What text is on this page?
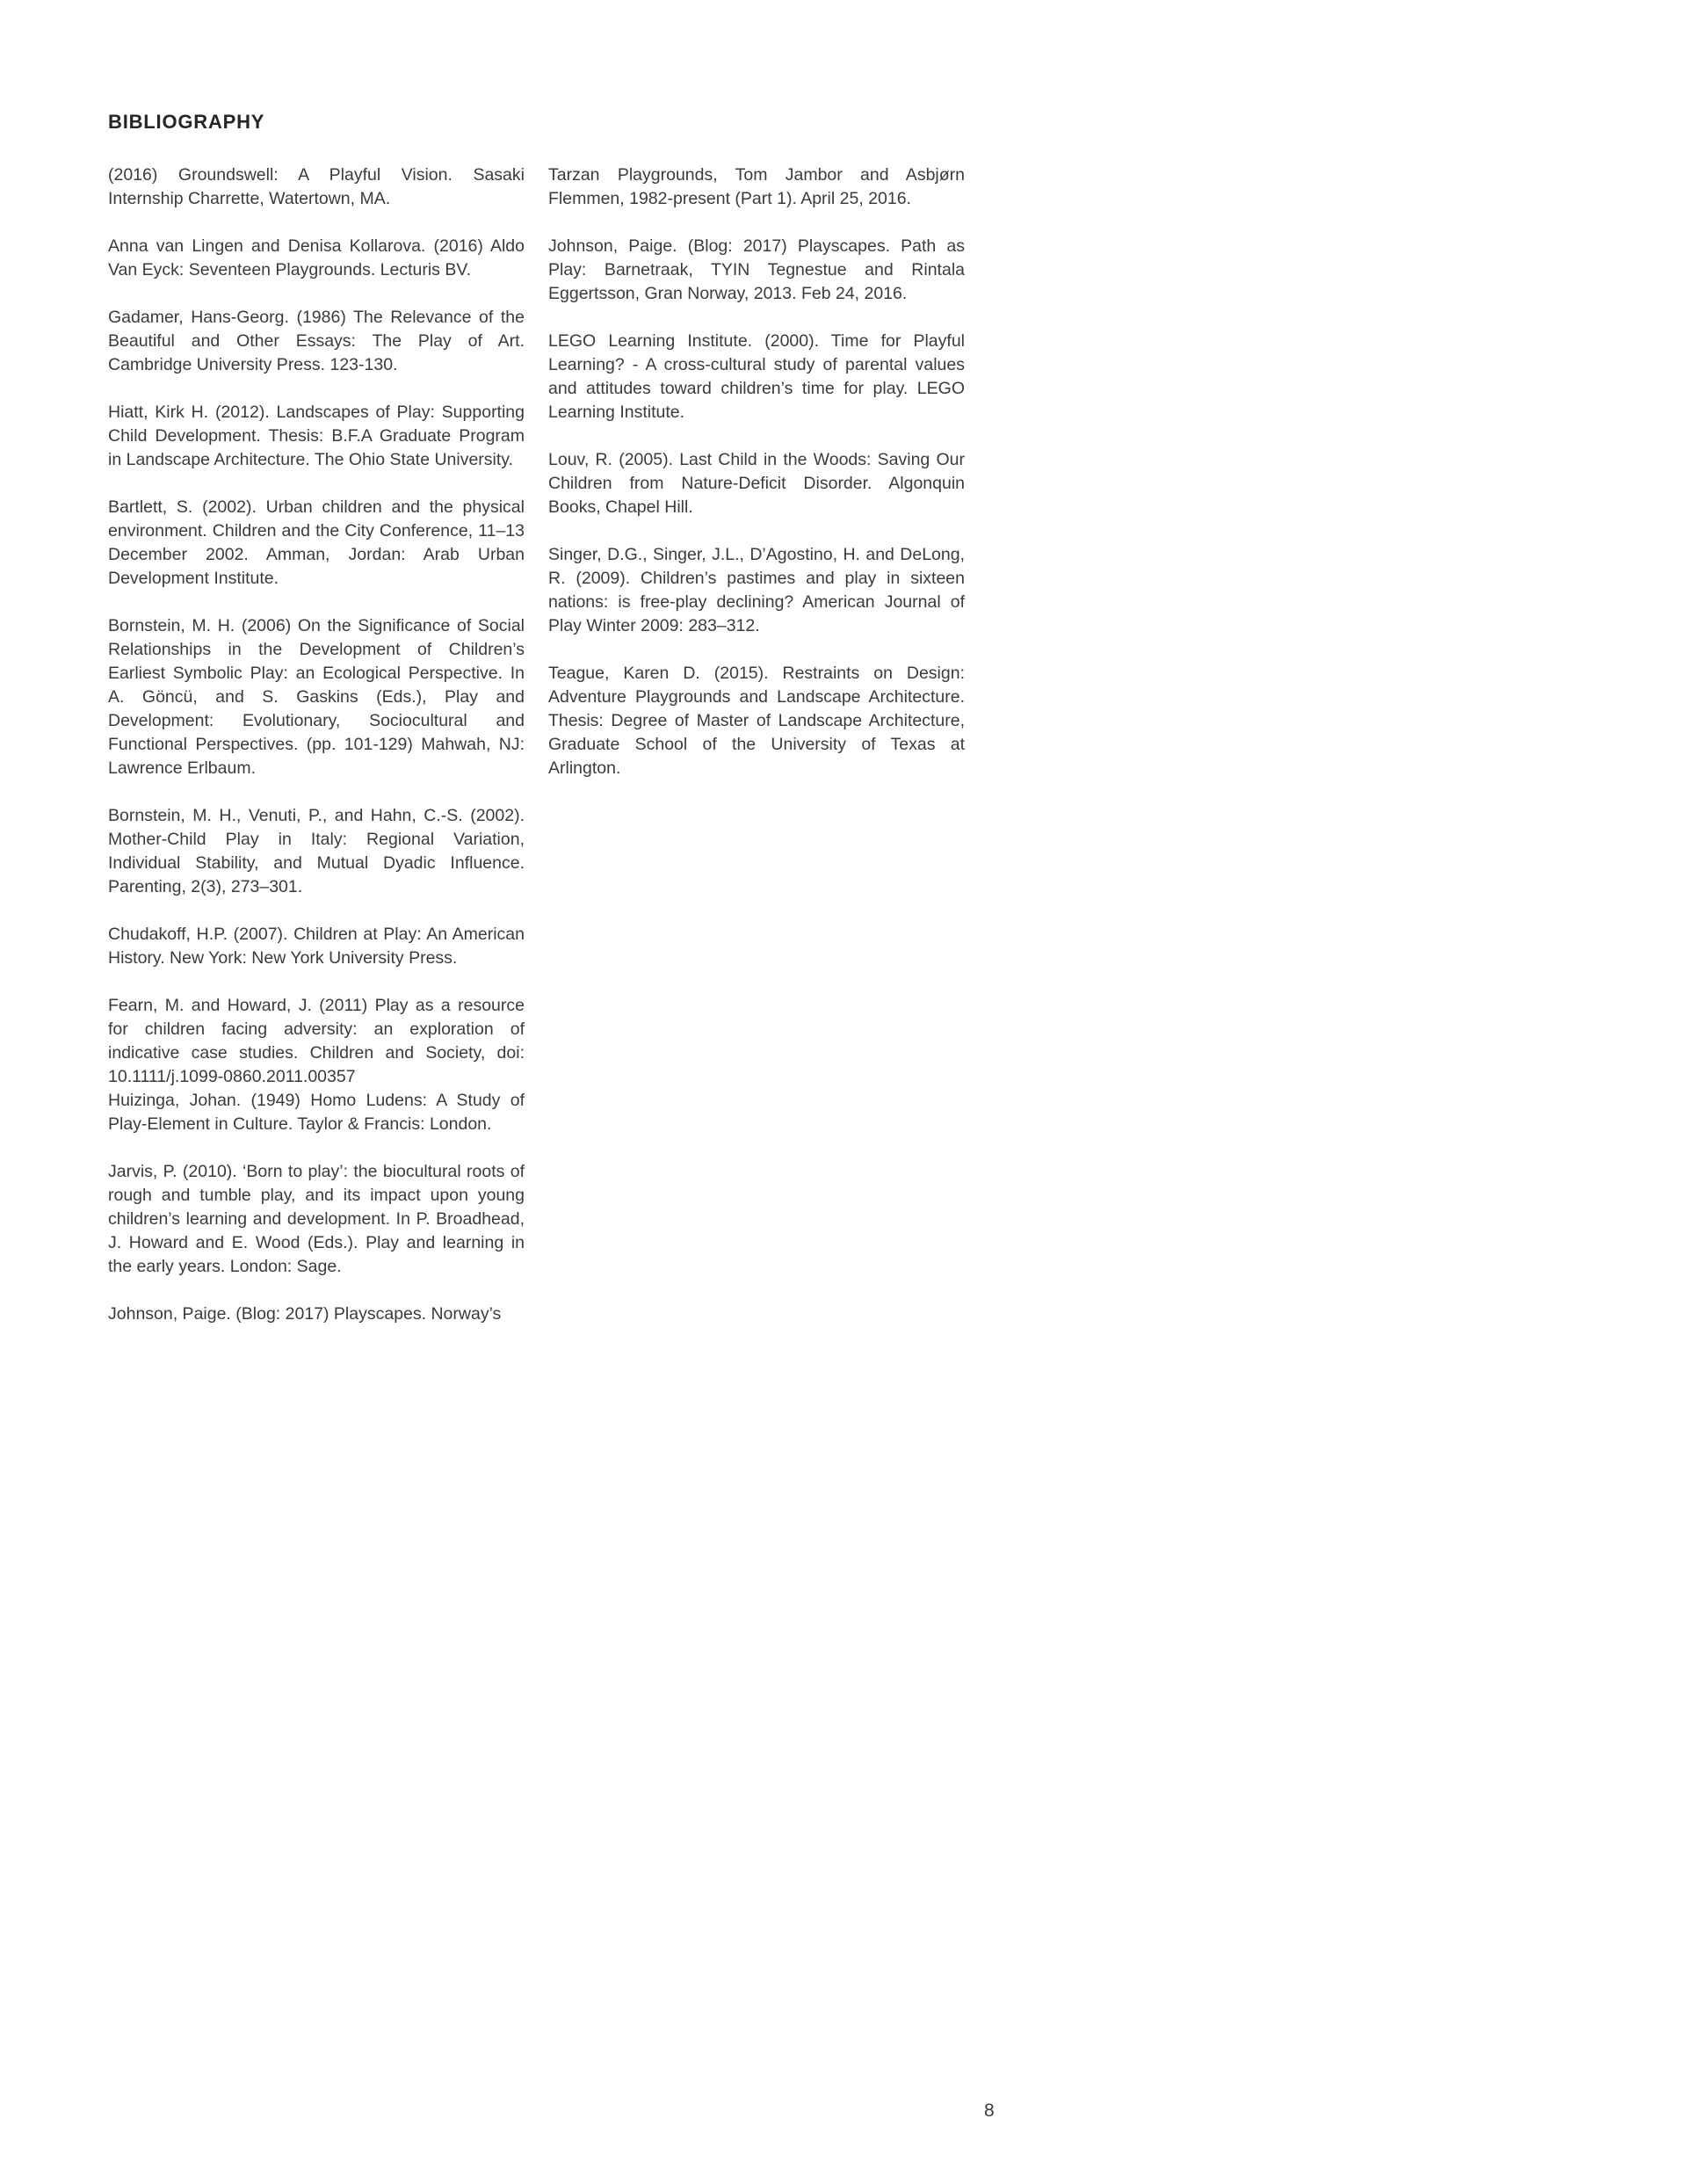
BIBLIOGRAPHY

(2016) Groundswell: A Playful Vision. Sasaki Internship Charrette, Watertown, MA.

Anna van Lingen and Denisa Kollarova. (2016) Aldo Van Eyck: Seventeen Playgrounds. Lecturis BV.

Gadamer, Hans-Georg. (1986) The Relevance of the Beautiful and Other Essays: The Play of Art. Cambridge University Press. 123-130.

Hiatt, Kirk H. (2012). Landscapes of Play: Supporting Child Development. Thesis: B.F.A Graduate Program in Landscape Architecture. The Ohio State University.

Bartlett, S. (2002). Urban children and the physical environment. Children and the City Conference, 11–13 December 2002. Amman, Jordan: Arab Urban Development Institute.

Bornstein, M. H. (2006) On the Significance of Social Relationships in the Development of Children’s Earliest Symbolic Play: an Ecological Perspective. In A. Göncü, and S. Gaskins (Eds.), Play and Development: Evolutionary, Sociocultural and Functional Perspectives. (pp. 101-129) Mahwah, NJ: Lawrence Erlbaum.

Bornstein, M. H., Venuti, P., and Hahn, C.-S. (2002). Mother-Child Play in Italy: Regional Variation, Individual Stability, and Mutual Dyadic Influence. Parenting, 2(3), 273–301.

Chudakoff, H.P. (2007). Children at Play: An American History. New York: New York University Press.

Fearn, M. and Howard, J. (2011) Play as a resource for children facing adversity: an exploration of indicative case studies. Children and Society, doi: 10.1111/j.1099-0860.2011.00357

Huizinga, Johan. (1949) Homo Ludens: A Study of Play-Element in Culture. Taylor & Francis: London.

Jarvis, P. (2010). ‘Born to play’: the biocultural roots of rough and tumble play, and its impact upon young children’s learning and development. In P. Broadhead, J. Howard and E. Wood (Eds.). Play and learning in the early years. London: Sage.

Johnson, Paige. (Blog: 2017) Playscapes. Norway’s

Tarzan Playgrounds, Tom Jambor and Asbjørn Flemmen, 1982-present (Part 1). April 25, 2016.

Johnson, Paige. (Blog: 2017) Playscapes. Path as Play: Barnetraak, TYIN Tegnestue and Rintala Eggertsson, Gran Norway, 2013. Feb 24, 2016.

LEGO Learning Institute. (2000). Time for Playful Learning? - A cross-cultural study of parental values and attitudes toward children’s time for play. LEGO Learning Institute.

Louv, R. (2005). Last Child in the Woods: Saving Our Children from Nature-Deficit Disorder. Algonquin Books, Chapel Hill.

Singer, D.G., Singer, J.L., D’Agostino, H. and DeLong, R. (2009). Children’s pastimes and play in sixteen nations: is free-play declining? American Journal of Play Winter 2009: 283–312.

Teague, Karen D. (2015). Restraints on Design: Adventure Playgrounds and Landscape Architecture. Thesis: Degree of Master of Landscape Architecture, Graduate School of the University of Texas at Arlington.

8
